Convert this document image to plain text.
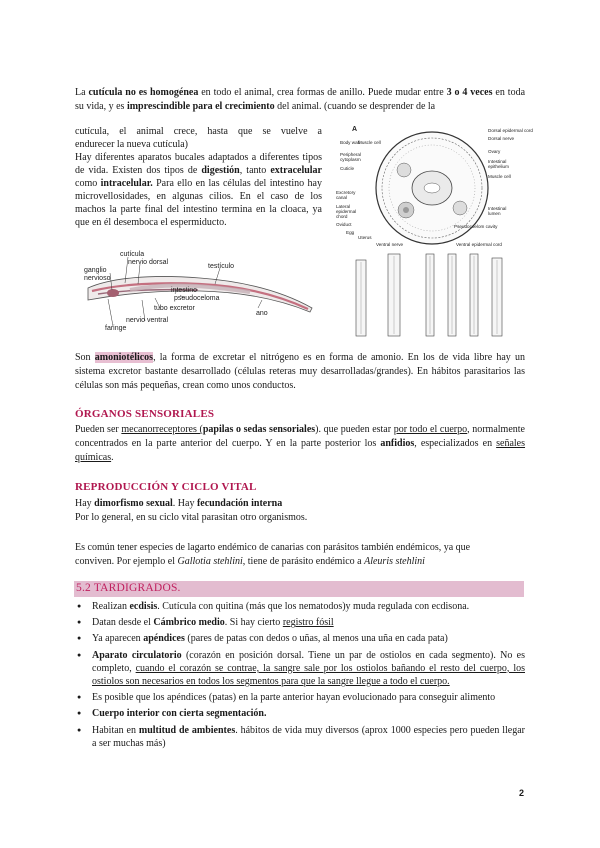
La cutícula no es homogénea en todo el animal, crea formas de anillo. Puede mudar entre 3 o 4 veces en toda su vida, y es imprescindible para el crecimiento del animal. (cuando se desprender de la

cutícula, el animal crece, hasta que se vuelve a

endurecer la nueva cutícula)

Hay diferentes aparatos bucales adaptados a diferentes tipos de vida. Existen dos tipos de digestión, tanto extracelular como intracelular. Para ello en las células del intestino hay microvellosidades, en algunas cilios. En el caso de los machos la parte final del intestino termina en la cloaca, ya que en él desemboca el espermiducto.

cutícula
nervio dorsal
ganglio
nervioso
testículo
intestino
pseudoceloma
tubo excretor
nervio ventral
faringe
ano
A
Body wall
Muscle cell
Peripheral
cytoplasm
Cuticle
Excretory
canal
Lateral
epidermal
chord
Oviduct
Egg
Uterus
Ventral nerve
Dorsal epidermal cord
Dorsal nerve
Ovary
Intestinal
epithelium
Muscle cell
Intestinal
lumen
Pseudocoelom cavity
Ventral epidermal cord

Son amoniotélicos, la forma de excretar el nitrógeno es en forma de amonio. En los de vida libre hay un sistema excretor bastante desarrollado (células reteras muy desarrolladas/grandes). En hábitos parasitarios las células son más pequeñas, crean como unos conductos.

ÓRGANOS SENSORIALES

Pueden ser mecanorreceptores (papilas o sedas sensoriales). que pueden estar por todo el cuerpo, normalmente concentrados en la parte anterior del cuerpo. Y en la parte posterior los anfidios, especializados en señales químicas.

REPRODUCCIÓN Y CICLO VITAL

Hay dimorfismo sexual. Hay fecundación interna

Por lo general, en su ciclo vital parasitan otro organismos.

Es común tener especies de lagarto endémico de canarias con parásitos también endémicos, ya que

conviven. Por ejemplo el Gallotia stehlini, tiene de parásito endémico a Aleuris stehlini

5.2 TARDIGRADOS.
● Realizan ecdisis. Cutícula con quitina (más que los nematodos)y muda regulada con ecdisona.
● Datan desde el Cámbrico medio. Si hay cierto registro fósil
● Ya aparecen apéndices (pares de patas con dedos o uñas, al menos una uña en cada pata)
● Aparato circulatorio (corazón en posición dorsal. Tiene un par de ostiolos en cada segmento). No es completo, cuando el corazón se contrae, la sangre sale por los ostiolos bañando el resto del cuerpo, los ostiolos son necesarios en todos los segmentos para que la sangre llegue a todo el cuerpo.
● Es posible que los apéndices (patas) en la parte anterior hayan evolucionado para conseguir alimento
● Cuerpo interior con cierta segmentación.
● Habitan en multitud de ambientes. hábitos de vida muy diversos (aprox 1000 especies pero pueden llegar a ser muchas más)
2
